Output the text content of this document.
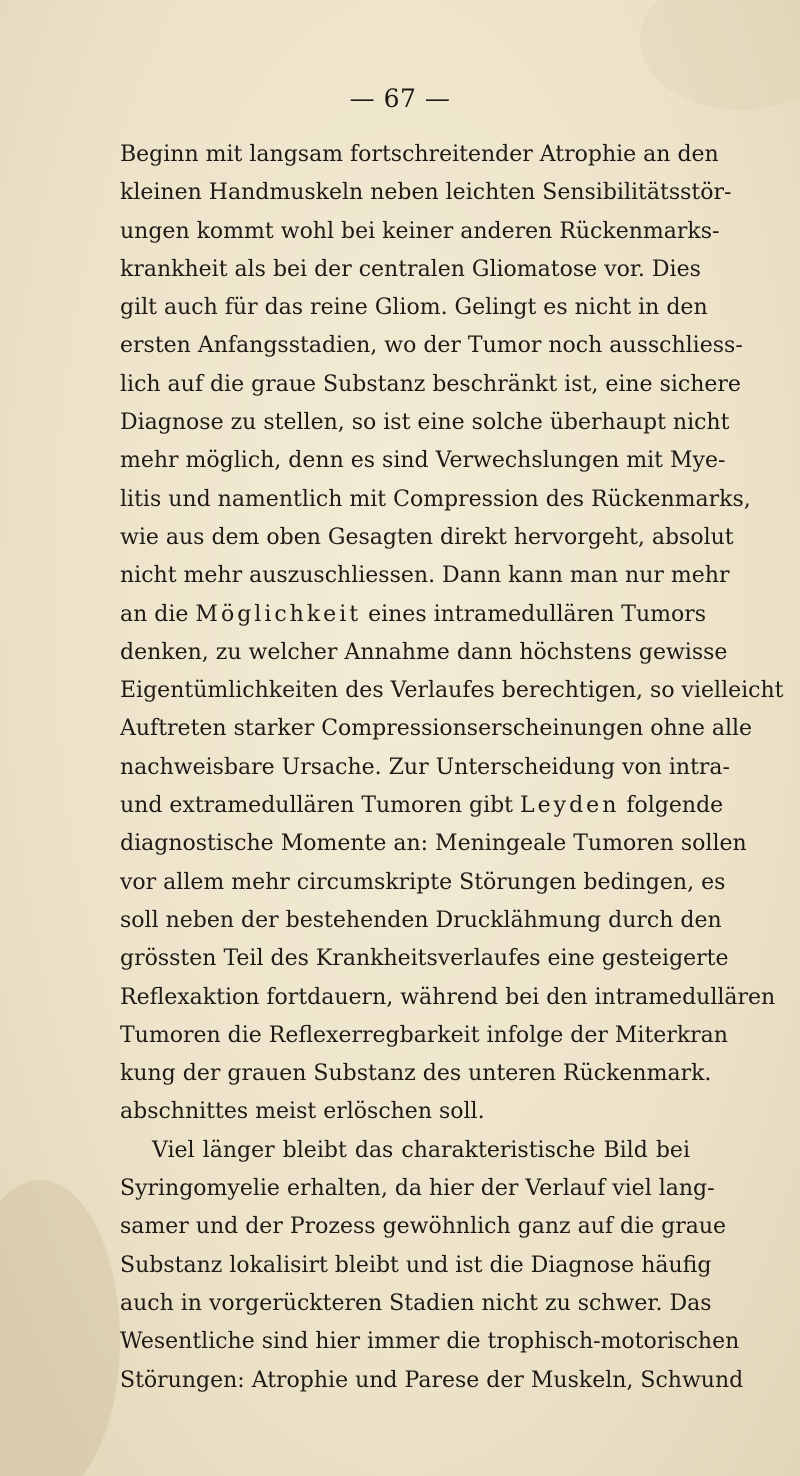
— 67 —
Beginn mit langsam fortschreitender Atrophie an den
kleinen Handmuskeln neben leichten Sensibilitätsstör-
ungen kommt wohl bei keiner anderen Rückenmarks-
krankheit als bei der centralen Gliomatose vor. Dies
gilt auch für das reine Gliom. Gelingt es nicht in den
ersten Anfangsstadien, wo der Tumor noch ausschliess-
lich auf die graue Substanz beschränkt ist, eine sichere
Diagnose zu stellen, so ist eine solche überhaupt nicht
mehr möglich, denn es sind Verwechslungen mit Mye-
litis und namentlich mit Compression des Rückenmarks,
wie aus dem oben Gesagten direkt hervorgeht, absolut
nicht mehr auszuschliessen. Dann kann man nur mehr
an die Möglichkeit eines intramedullären Tumors
denken, zu welcher Annahme dann höchstens gewisse
Eigentümlichkeiten des Verlaufes berechtigen, so vielleicht
Auftreten starker Compressionserscheinungen ohne alle
nachweisbare Ursache. Zur Unterscheidung von intra-
und extramedullären Tumoren gibt Leyden folgende
diagnostische Momente an: Meningeale Tumoren sollen
vor allem mehr circumskripte Störungen bedingen, es
soll neben der bestehenden Drucklähmung durch den
grössten Teil des Krankheitsverlaufes eine gesteigerte
Reflexaktion fortdauern, während bei den intramedullären
Tumoren die Reflexerregbarkeit infolge der Miterkran
kung der grauen Substanz des unteren Rückenmark.
abschnittes meist erlöschen soll.
Viel länger bleibt das charakteristische Bild bei
Syringomyelie erhalten, da hier der Verlauf viel lang-
samer und der Prozess gewöhnlich ganz auf die graue
Substanz lokalisirt bleibt und ist die Diagnose häufig
auch in vorgerückteren Stadien nicht zu schwer. Das
Wesentliche sind hier immer die trophisch-motorischen
Störungen: Atrophie und Parese der Muskeln, Schwund
